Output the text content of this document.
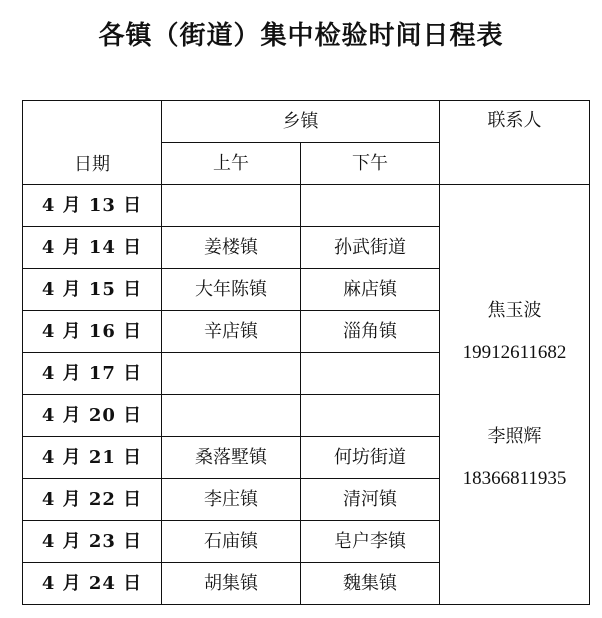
各镇（街道）集中检验时间日程表
日期	乡镇		联系人
	上午	下午	
4 月 13 日			焦玉波
19912611682
李照辉
18366811935

4 月 14 日	姜楼镇	孙武街道	
4 月 15 日	大年陈镇	麻店镇	
4 月 16 日	辛店镇	淄角镇	
4 月 17 日			
4 月 20 日			
4 月 21 日	桑落墅镇	何坊街道	
4 月 22 日	李庄镇	清河镇	
4 月 23 日	石庙镇	皂户李镇	
4 月 24 日	胡集镇	魏集镇	
